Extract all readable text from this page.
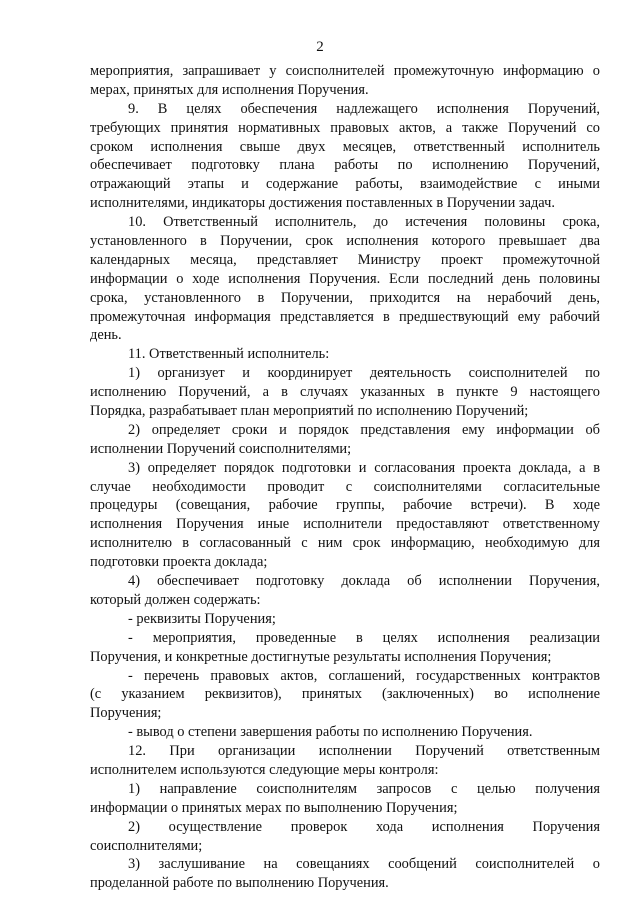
2
мероприятия, запрашивает у соисполнителей промежуточную информацию о
мерах, принятых для исполнения Поручения.
9. В целях обеспечения надлежащего исполнения Поручений,
требующих принятия нормативных правовых актов, а также Поручений со
сроком исполнения свыше двух месяцев, ответственный исполнитель
обеспечивает подготовку плана работы по исполнению Поручений,
отражающий этапы и содержание работы, взаимодействие с иными
исполнителями, индикаторы достижения поставленных в Поручении задач.
10. Ответственный исполнитель, до истечения половины срока,
установленного в Поручении, срок исполнения которого превышает два
календарных месяца, представляет Министру проект промежуточной
информации о ходе исполнения Поручения. Если последний день половины
срока, установленного в Поручении, приходится на нерабочий день,
промежуточная информация представляется в предшествующий ему рабочий
день.
11. Ответственный исполнитель:
1) организует и координирует деятельность соисполнителей по
исполнению Поручений, а в случаях указанных в пункте 9 настоящего
Порядка, разрабатывает план мероприятий по исполнению Поручений;
2) определяет сроки и порядок представления ему информации об
исполнении Поручений соисполнителями;
3) определяет порядок подготовки и согласования проекта доклада, а в
случае необходимости проводит с соисполнителями согласительные
процедуры (совещания, рабочие группы, рабочие встречи). В ходе
исполнения Поручения иные исполнители предоставляют ответственному
исполнителю в согласованный с ним срок информацию, необходимую для
подготовки проекта доклада;
4) обеспечивает подготовку доклада об исполнении Поручения,
который должен содержать:
- реквизиты Поручения;
- мероприятия, проведенные в целях исполнения реализации
Поручения, и конкретные достигнутые результаты исполнения Поручения;
- перечень правовых актов, соглашений, государственных контрактов
(с указанием реквизитов), принятых (заключенных) во исполнение
Поручения;
- вывод о степени завершения работы по исполнению Поручения.
12. При организации исполнении Поручений ответственным
исполнителем используются следующие меры контроля:
1) направление соисполнителям запросов с целью получения
информации о принятых мерах по выполнению Поручения;
2) осуществление проверок хода исполнения Поручения
соисполнителями;
3) заслушивание на совещаниях сообщений соисполнителей о
проделанной работе по выполнению Поручения.
